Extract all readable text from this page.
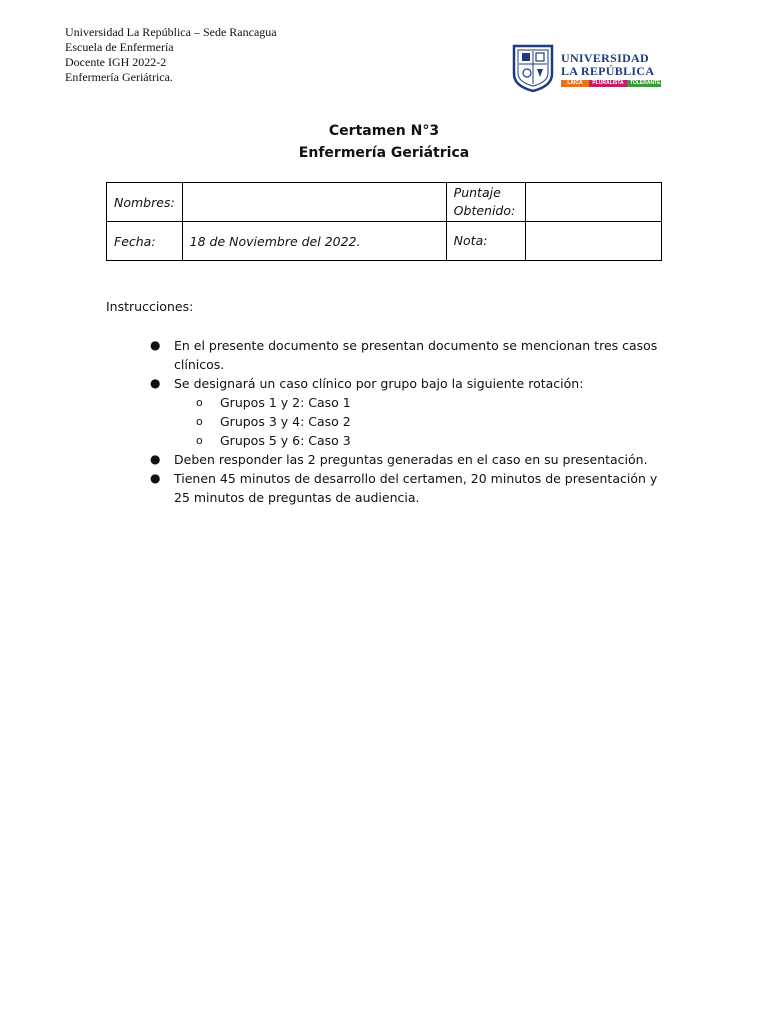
Universidad La República – Sede Rancagua
Escuela de Enfermería
Docente IGH 2022-2
Enfermería Geriátrica.
UNIVERSIDAD
LA REPÚBLICA
LAICA	PLURALISTA	TOLERANTE
Certamen N°3
Enfermería Geriátrica
Nombres:		Puntaje Obtenido:	
Fecha:	18 de Noviembre del 2022.	Nota:	
Instrucciones:
● En el presente documento se presentan documento se mencionan tres casos clínicos.
● Se designará un caso clínico por grupo bajo la siguiente rotación:
o Grupos 1 y 2: Caso 1
o Grupos 3 y 4: Caso 2
o Grupos 5 y 6: Caso 3
● Deben responder las 2 preguntas generadas en el caso en su presentación.
● Tienen 45 minutos de desarrollo del certamen, 20 minutos de presentación y 25 minutos de preguntas de audiencia.
